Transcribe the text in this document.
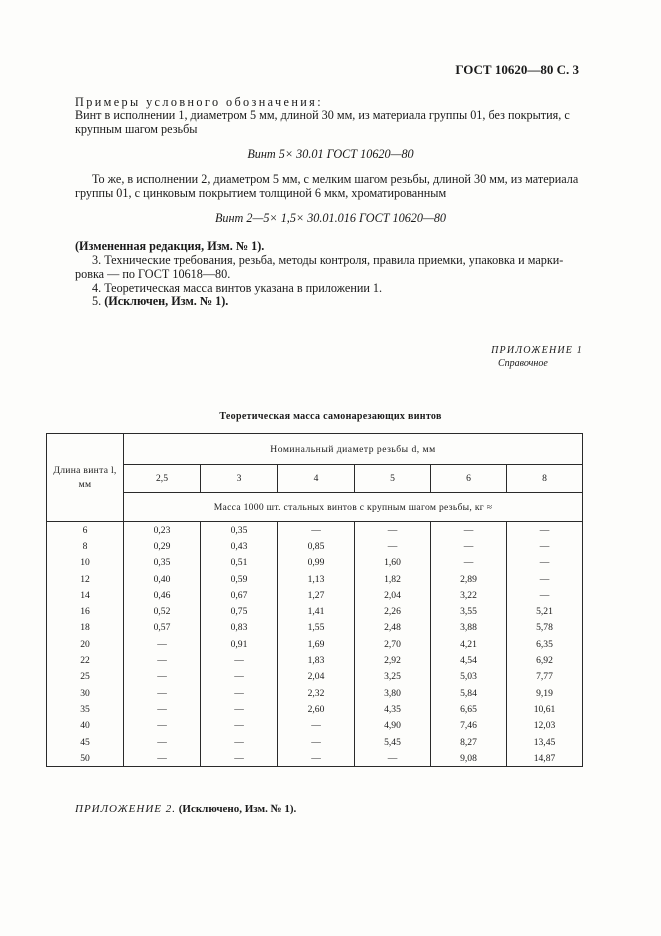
ГОСТ 10620—80 С. 3
Примеры условного обозначения:
Винт в исполнении 1, диаметром 5 мм, длиной 30 мм, из материала группы 01, без покрытия, с
крупным шагом резьбы
Винт 5× 30.01 ГОСТ 10620—80
То же, в исполнении 2, диаметром 5 мм, с мелким шагом резьбы, длиной 30 мм, из материала
группы 01, с цинковым покрытием толщиной 6 мкм, хроматированным
Винт 2—5× 1,5× 30.01.016 ГОСТ 10620—80
(Измененная редакция, Изм. № 1).
3. Технические требования, резьба, методы контроля, правила приемки, упаковка и марки-
ровка — по ГОСТ 10618—80.
4. Теоретическая масса винтов указана в приложении 1.
5. (Исключен, Изм. № 1).
ПРИЛОЖЕНИЕ 1
Справочное
Теоретическая масса самонарезающих винтов
Длина винта l, мм	Номинальный диаметр резьбы d, мм					
	2,5	3	4	5	6	8
	Масса 1000 шт. стальных винтов с крупным шагом резьбы, кг ≈					
6	0,23	0,35	—	—	—	—
8	0,29	0,43	0,85	—	—	—
10	0,35	0,51	0,99	1,60	—	—
12	0,40	0,59	1,13	1,82	2,89	—
14	0,46	0,67	1,27	2,04	3,22	—
16	0,52	0,75	1,41	2,26	3,55	5,21
18	0,57	0,83	1,55	2,48	3,88	5,78
20	—	0,91	1,69	2,70	4,21	6,35
22	—	—	1,83	2,92	4,54	6,92
25	—	—	2,04	3,25	5,03	7,77
30	—	—	2,32	3,80	5,84	9,19
35	—	—	2,60	4,35	6,65	10,61
40	—	—	—	4,90	7,46	12,03
45	—	—	—	5,45	8,27	13,45
50	—	—	—	—	9,08	14,87
ПРИЛОЖЕНИЕ 2. (Исключено, Изм. № 1).
